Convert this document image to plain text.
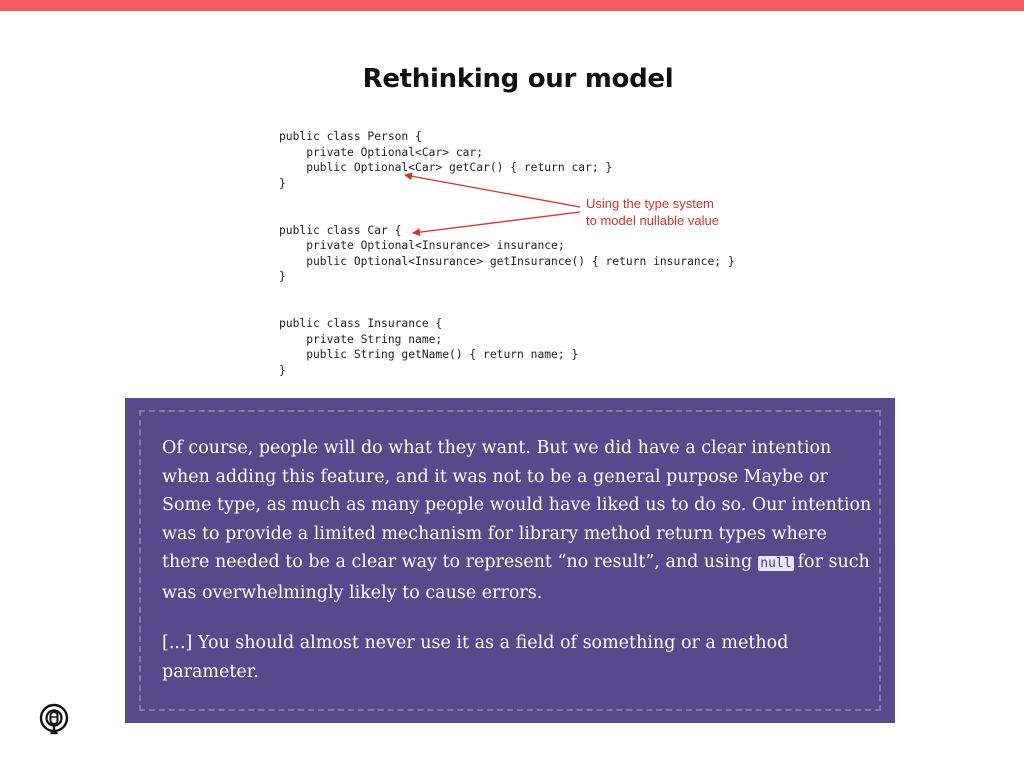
Rethinking our model
public class Person {
private Optional<Car> car;
public Optional<Car> getCar() { return car; }
}

public class Car {
private Optional<Insurance> insurance;
public Optional<Insurance> getInsurance() { return insurance; }
}

public class Insurance {
private String name;
public String getName() { return name; }
}
Using the type system
to model nullable value

Of course, people will do what they want. But we did have a clear intention when adding this feature, and it was not to be a general purpose Maybe or Some type, as much as many people would have liked us to do so. Our intention was to provide a limited mechanism for library method return types where there needed to be a clear way to represent “no result”, and using null for such was overwhelmingly likely to cause errors.

[...] You should almost never use it as a field of something or a method parameter.
